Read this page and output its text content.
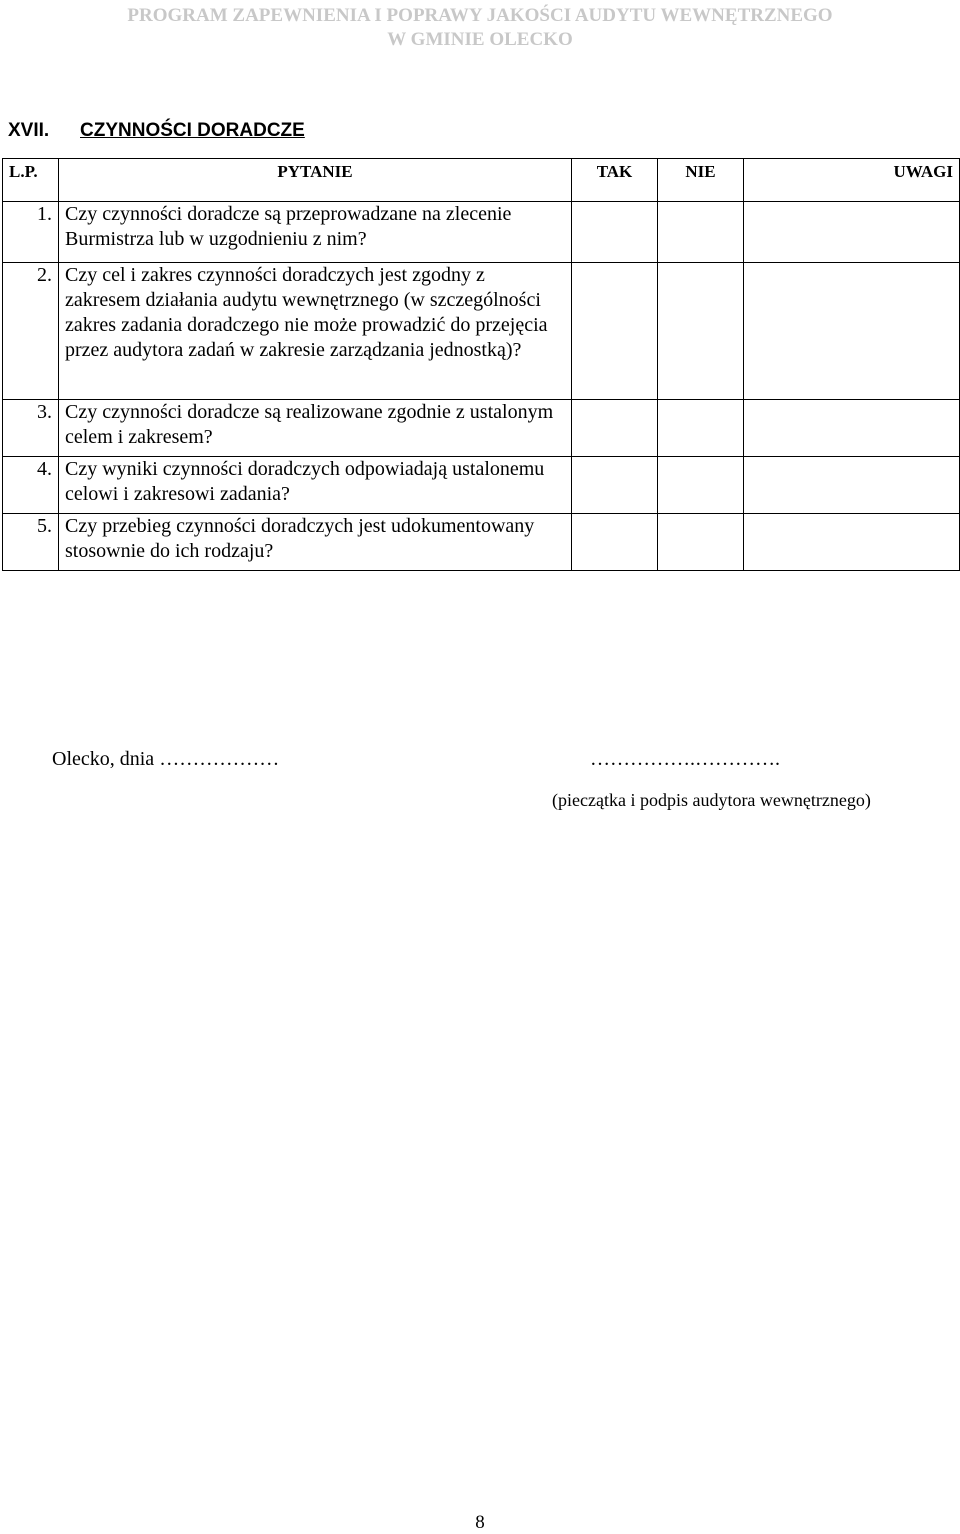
PROGRAM ZAPEWNIENIA I POPRAWY JAKOŚCI AUDYTU WEWNĘTRZNEGO
W GMINIE OLECKO
XVII. CZYNNOŚCI DORADCZE
L.P.	PYTANIE	TAK	NIE	UWAGI
1.	Czy czynności doradcze są przeprowadzane na zlecenie Burmistrza lub w uzgodnieniu z nim?			
2.	Czy cel i zakres czynności doradczych jest zgodny z zakresem działania audytu wewnętrznego (w szczególności zakres zadania doradczego nie może prowadzić do przejęcia przez audytora zadań w zakresie zarządzania jednostką)?			
3.	Czy czynności doradcze są realizowane zgodnie z ustalonym celem i zakresem?			
4.	Czy wyniki czynności doradczych odpowiadają ustalonemu celowi i zakresowi zadania?			
5.	Czy przebieg czynności doradczych jest udokumentowany stosownie do ich rodzaju?			
Olecko, dnia ………………	…………….………….
(pieczątka i podpis audytora wewnętrznego)
8
